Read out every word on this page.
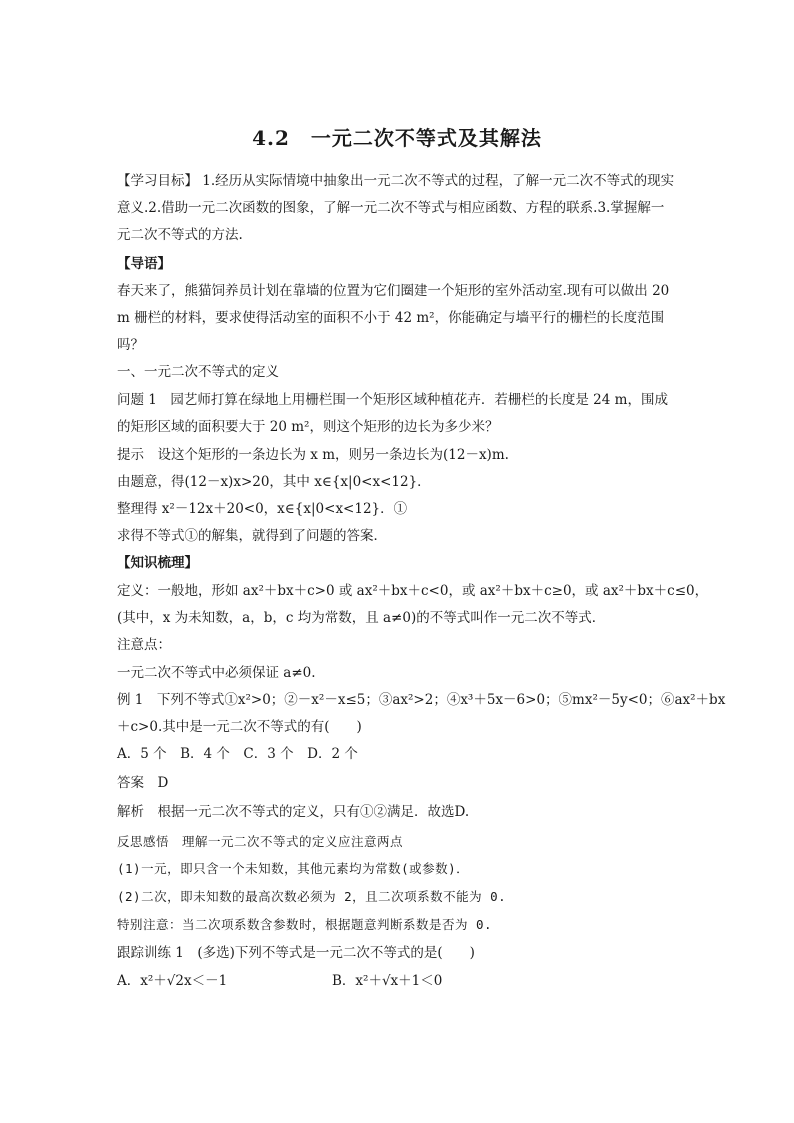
4.2　一元二次不等式及其解法
【学习目标】 1.经历从实际情境中抽象出一元二次不等式的过程，了解一元二次不等式的现实
意义.2.借助一元二次函数的图象，了解一元二次不等式与相应函数、方程的联系.3.掌握解一
元二次不等式的方法.
【导语】
春天来了，熊猫饲养员计划在靠墙的位置为它们圈建一个矩形的室外活动室.现有可以做出 20
m 栅栏的材料，要求使得活动室的面积不小于 42 m²，你能确定与墙平行的栅栏的长度范围
吗？
一、一元二次不等式的定义
问题 1　园艺师打算在绿地上用栅栏围一个矩形区域种植花卉．若栅栏的长度是 24 m，围成
的矩形区域的面积要大于 20 m²，则这个矩形的边长为多少米？
提示　设这个矩形的一条边长为 x m，则另一条边长为(12－x)m.
由题意，得(12－x)x>20，其中 x∈{x|0<x<12}．
整理得 x²－12x＋20<0，x∈{x|0<x<12}．①
求得不等式①的解集，就得到了问题的答案．
【知识梳理】
定义：一般地，形如 ax²＋bx＋c>0 或 ax²＋bx＋c<0，或 ax²＋bx＋c≥0，或 ax²＋bx＋c≤0，
(其中，x 为未知数，a，b，c 均为常数，且 a≠0)的不等式叫作一元二次不等式．
注意点：
一元二次不等式中必须保证 a≠0.
例 1　下列不等式①x²>0；②－x²－x≤5；③ax²>2；④x³＋5x－6>0；⑤mx²－5y<0；⑥ax²＋bx
＋c>0.其中是一元二次不等式的有(　　)
A．5 个　B．4 个　C．3 个　D．2 个
答案　D
解析　根据一元二次不等式的定义，只有①②满足．故选D.
反思感悟　理解一元二次不等式的定义应注意两点
(1)一元，即只含一个未知数，其他元素均为常数(或参数)．
(2)二次，即未知数的最高次数必须为 2，且二次项系数不能为 0.
特别注意：当二次项系数含参数时，根据题意判断系数是否为 0.
跟踪训练 1　(多选)下列不等式是一元二次不等式的是(　　)
A．x²＋√2x＜－1	B．x²＋√x＋1＜0
